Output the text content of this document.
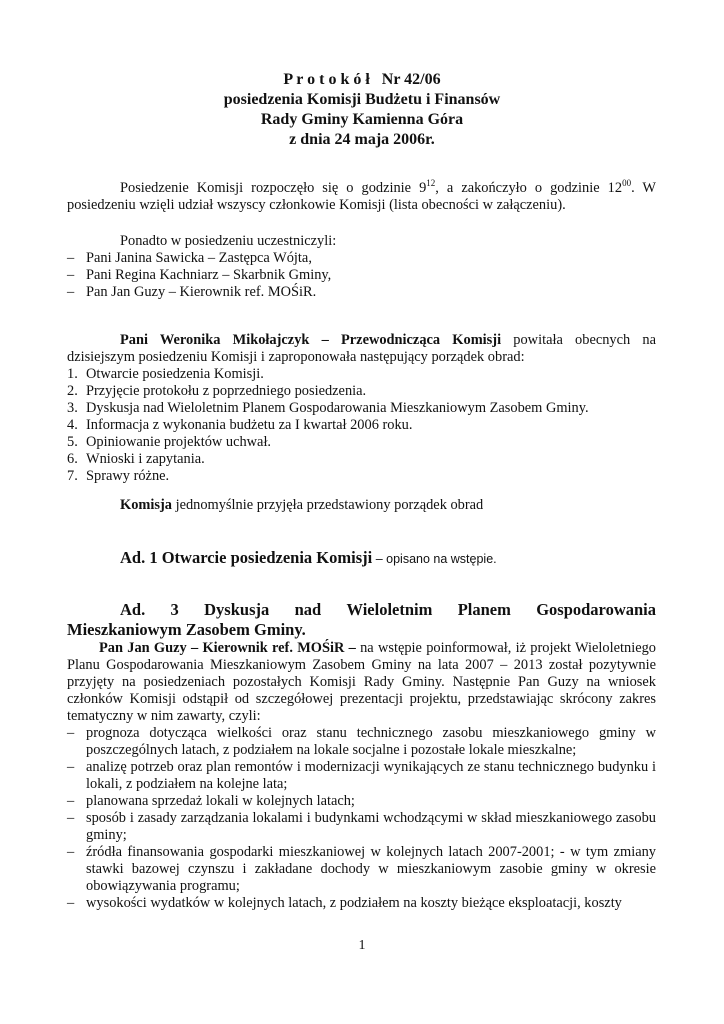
P r o t o k ó ł   Nr 42/06
posiedzenia Komisji Budżetu i Finansów
Rady Gminy Kamienna Góra
z dnia 24 maja 2006r.
Posiedzenie Komisji rozpoczęło się o godzinie $9^{12}$, a zakończyło o godzinie $12^{00}$. W posiedzeniu wzięli udział wszyscy członkowie Komisji (lista obecności w załączeniu).
Ponadto w posiedzeniu uczestniczyli:
– Pani Janina Sawicka – Zastępca Wójta,
– Pani Regina Kachniarz – Skarbnik Gminy,
– Pan Jan Guzy – Kierownik ref. MOŚiR.
Pani Weronika Mikołajczyk – Przewodnicząca Komisji powitała obecnych na dzisiejszym posiedzeniu Komisji i zaproponowała następujący porządek obrad:
1. Otwarcie posiedzenia Komisji.
2. Przyjęcie protokołu z poprzedniego posiedzenia.
3. Dyskusja nad Wieloletnim Planem Gospodarowania Mieszkaniowym Zasobem Gminy.
4. Informacja z wykonania budżetu za I kwartał 2006 roku.
5. Opiniowanie projektów uchwał.
6. Wnioski i zapytania.
7. Sprawy różne.
Komisja jednomyślnie przyjęła przedstawiony porządek obrad
Ad. 1 Otwarcie posiedzenia Komisji – opisano na wstępie.
Ad. 3 Dyskusja nad Wieloletnim Planem Gospodarowania
Mieszkaniowym Zasobem Gminy.
Pan Jan Guzy – Kierownik ref. MOŚiR – na wstępie poinformował, iż projekt Wieloletniego Planu Gospodarowania Mieszkaniowym Zasobem Gminy na lata 2007 – 2013 został pozytywnie przyjęty na posiedzeniach pozostałych Komisji Rady Gminy. Następnie Pan Guzy na wniosek członków Komisji odstąpił od szczegółowej prezentacji projektu, przedstawiając skrócony zakres tematyczny w nim zawarty, czyli:
– prognoza dotycząca wielkości oraz stanu technicznego zasobu mieszkaniowego gminy w poszczególnych latach, z podziałem na lokale socjalne i pozostałe lokale mieszkalne;
– analizę potrzeb oraz plan remontów i modernizacji wynikających ze stanu technicznego budynku i lokali, z podziałem na kolejne lata;
– planowana sprzedaż lokali w kolejnych latach;
– sposób i zasady zarządzania lokalami i budynkami wchodzącymi w skład mieszkaniowego zasobu gminy;
– źródła finansowania gospodarki mieszkaniowej w kolejnych latach 2007-2001; - w tym zmiany stawki bazowej czynszu i zakładane dochody w mieszkaniowym zasobie gminy w okresie obowiązywania programu;
– wysokości wydatków w kolejnych latach, z podziałem na koszty bieżące eksploatacji, koszty
1
